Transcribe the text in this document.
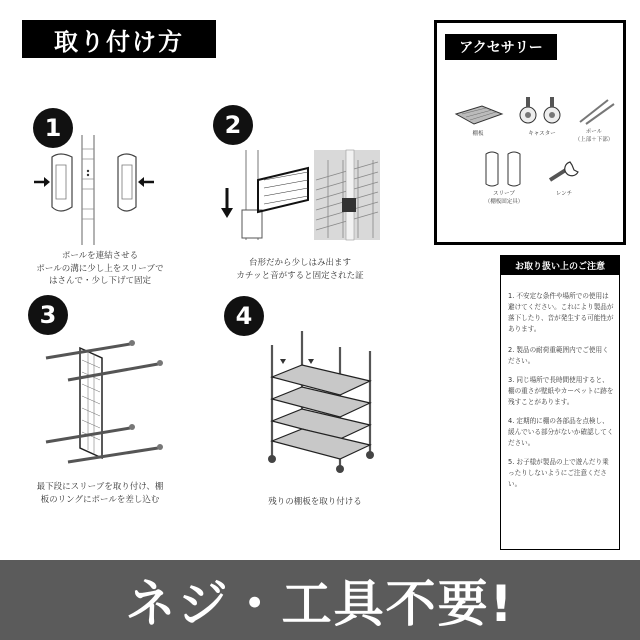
取り付け方
1
ポールを連結させる
ポールの溝に少し上をスリーブで
はさんで・少し下げて固定
2
台形だから少しはみ出ます
カチッと音がすると固定された証
3
最下段にスリーブを取り付け、棚
板のリングにポールを差し込む
4
残りの棚板を取り付ける
アクセサリー
棚板	キャスター	ポール
（上部＋下部）
スリーブ
（棚板固定具）
レンチ
お取り扱い上のご注意
1. 不安定な条件や場所での使用は避けてください。これにより製品が落下したり、音が発生する可能性があります。
2. 製品の耐荷重範囲内でご使用ください。
3. 同じ場所で長時間使用すると、棚の重さが壁紙やカーペットに跡を残すことがあります。
4. 定期的に棚の各部品を点検し、緩んでいる部分がないか確認してください。
5. お子様が製品の上で遊んだり乗ったりしないようにご注意ください。
ネジ・工具不要!
